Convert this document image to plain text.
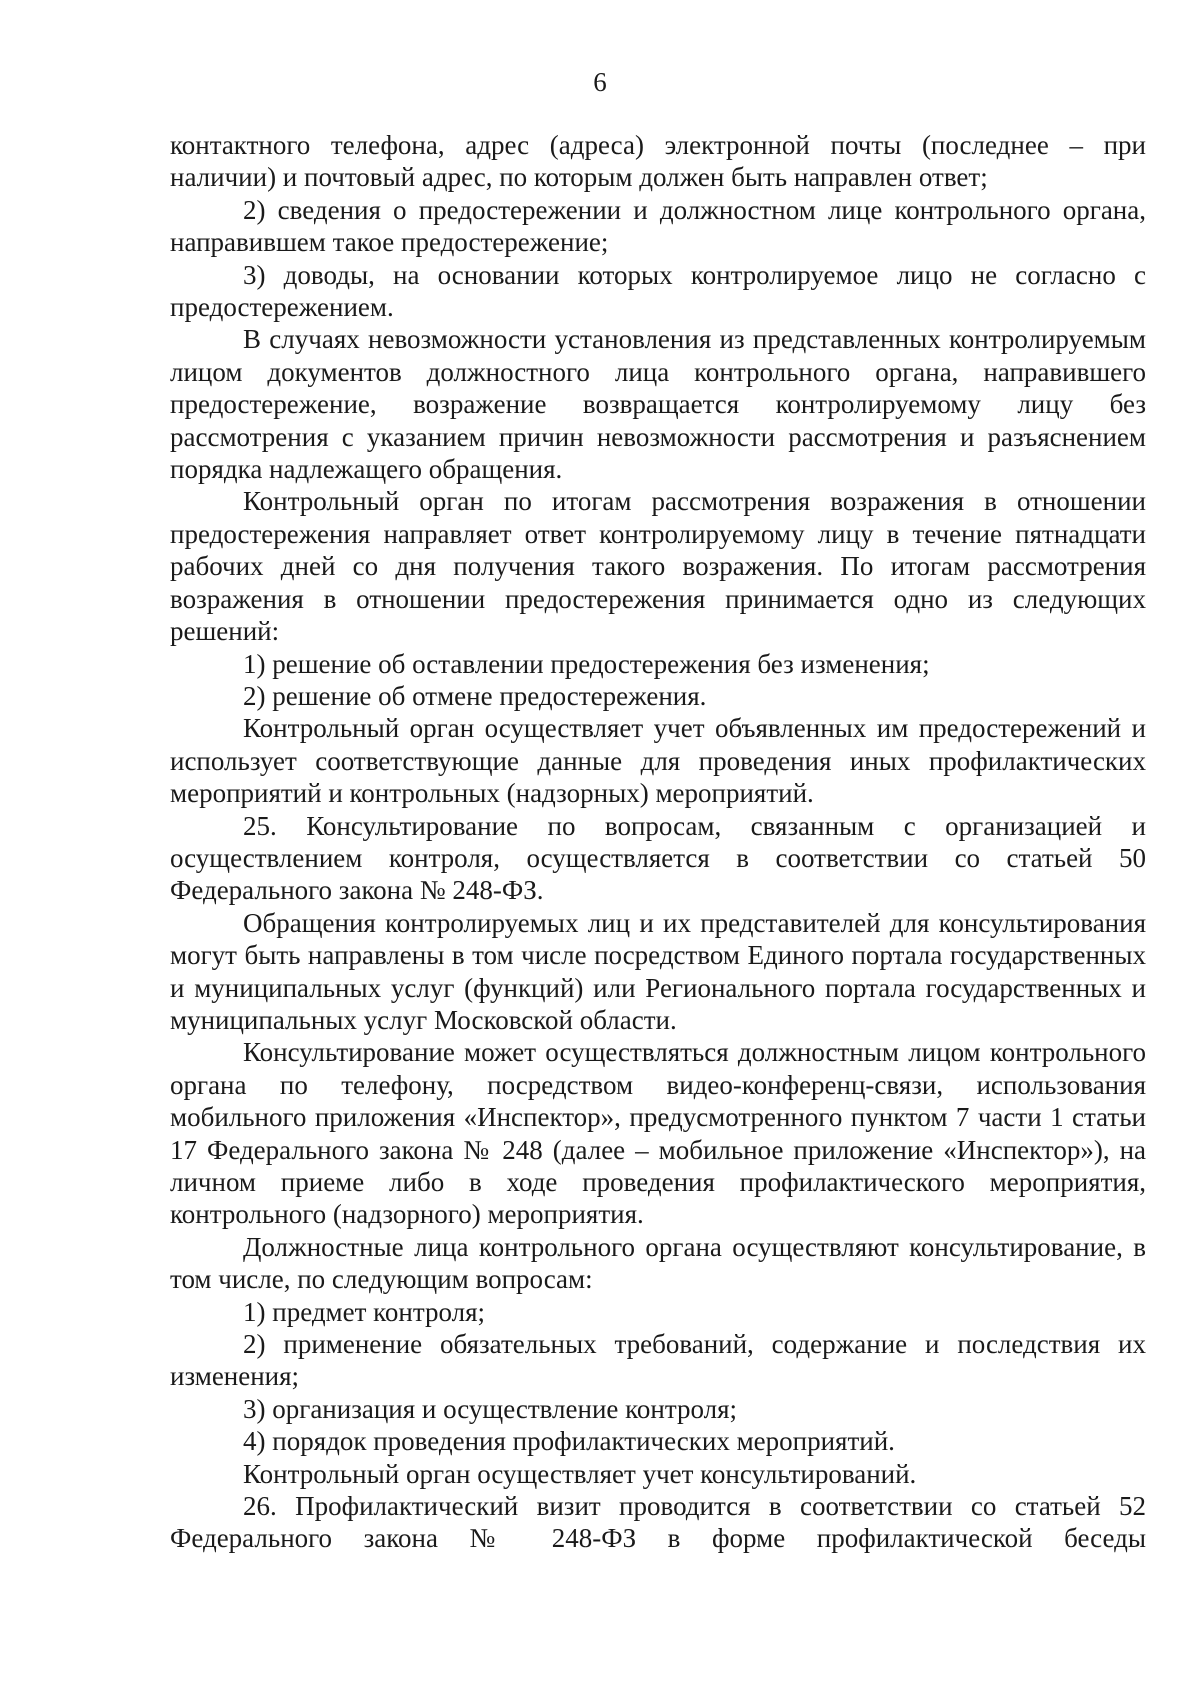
6

контактного телефона, адрес (адреса) электронной почты (последнее – при наличии) и почтовый адрес, по которым должен быть направлен ответ;

2) сведения о предостережении и должностном лице контрольного органа, направившем такое предостережение;

3) доводы, на основании которых контролируемое лицо не согласно с предостережением.

В случаях невозможности установления из представленных контролируемым лицом документов должностного лица контрольного органа, направившего предостережение, возражение возвращается контролируемому лицу без рассмотрения с указанием причин невозможности рассмотрения и разъяснением порядка надлежащего обращения.

Контрольный орган по итогам рассмотрения возражения в отношении предостережения направляет ответ контролируемому лицу в течение пятнадцати рабочих дней со дня получения такого возражения. По итогам рассмотрения возражения в отношении предостережения принимается одно из следующих решений:

1) решение об оставлении предостережения без изменения;

2) решение об отмене предостережения.

Контрольный орган осуществляет учет объявленных им предостережений и использует соответствующие данные для проведения иных профилактических мероприятий и контрольных (надзорных) мероприятий.

25. Консультирование по вопросам, связанным с организацией и осуществлением контроля, осуществляется в соответствии со статьей 50 Федерального закона № 248-ФЗ.

Обращения контролируемых лиц и их представителей для консультирования могут быть направлены в том числе посредством Единого портала государственных и муниципальных услуг (функций) или Регионального портала государственных и муниципальных услуг Московской области.

Консультирование может осуществляться должностным лицом контрольного органа по телефону, посредством видео-конференц-связи, использования мобильного приложения «Инспектор», предусмотренного пунктом 7 части 1 статьи 17 Федерального закона № 248 (далее – мобильное приложение «Инспектор»), на личном приеме либо в ходе проведения профилактического мероприятия, контрольного (надзорного) мероприятия.

Должностные лица контрольного органа осуществляют консультирование, в том числе, по следующим вопросам:

1) предмет контроля;

2) применение обязательных требований, содержание и последствия их изменения;

3) организация и осуществление контроля;

4) порядок проведения профилактических мероприятий.

Контрольный орган осуществляет учет консультирований.

26. Профилактический визит проводится в соответствии со статьей 52 Федерального закона № 248-ФЗ в форме профилактической беседы
